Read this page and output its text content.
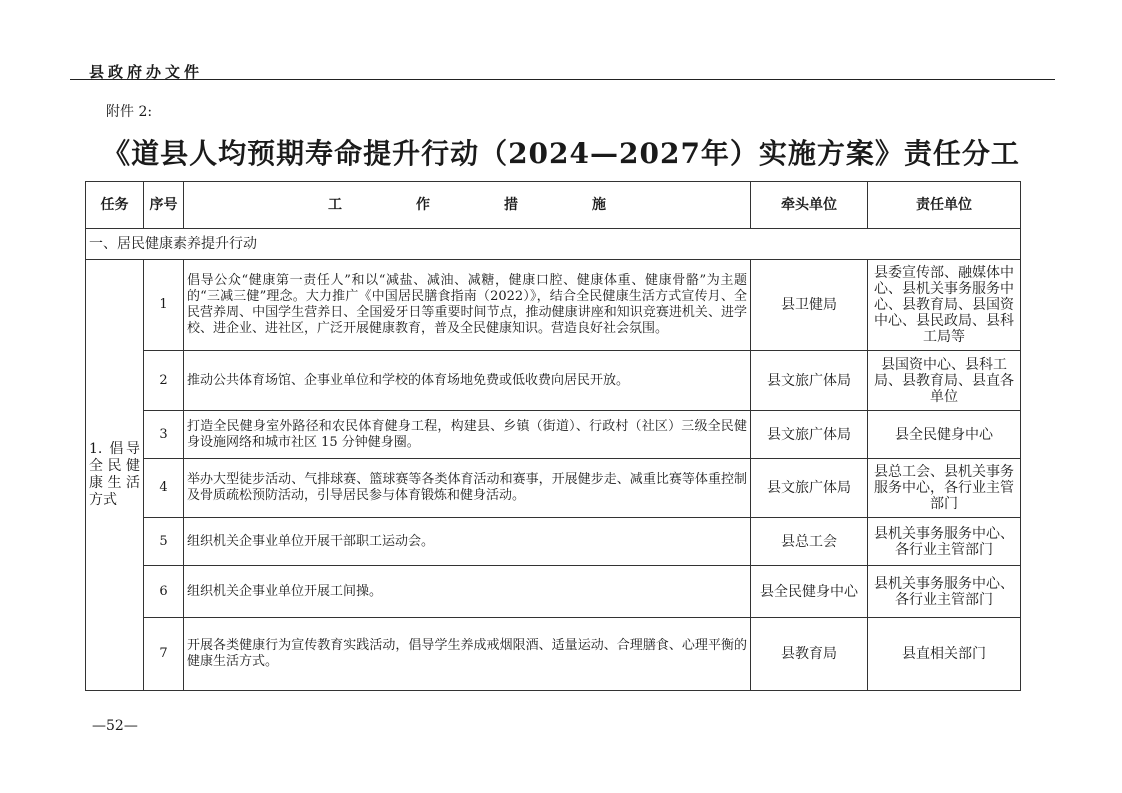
县政府办文件
附件 2:
《道县人均预期寿命提升行动（2024—2027年）实施方案》责任分工
任务	序号	工　作　措　施	牵头单位	责任单位
一、居民健康素养提升行动				
1. 倡导全民健康生活方式	1	倡导公众“健康第一责任人”和以“减盐、减油、减糖，健康口腔、健康体重、健康骨骼”为主题的“三减三健”理念。大力推广《中国居民膳食指南（2022）》，结合全民健康生活方式宣传月、全民营养周、中国学生营养日、全国爱牙日等重要时间节点，推动健康讲座和知识竞赛进机关、进学校、进企业、进社区，广泛开展健康教育，普及全民健康知识。营造良好社会氛围。	县卫健局	县委宣传部、融媒体中心、县机关事务服务中心、县教育局、县国资中心、县民政局、县科工局等
	2	推动公共体育场馆、企事业单位和学校的体育场地免费或低收费向居民开放。	县文旅广体局	县国资中心、县科工局、县教育局、县直各单位
	3	打造全民健身室外路径和农民体育健身工程，构建县、乡镇（街道）、行政村（社区）三级全民健身设施网络和城市社区 15 分钟健身圈。	县文旅广体局	县全民健身中心
	4	举办大型徒步活动、气排球赛、篮球赛等各类体育活动和赛事，开展健步走、减重比赛等体重控制及骨质疏松预防活动，引导居民参与体育锻炼和健身活动。	县文旅广体局	县总工会、县机关事务服务中心，各行业主管部门
	5	组织机关企事业单位开展干部职工运动会。	县总工会	县机关事务服务中心、各行业主管部门
	6	组织机关企事业单位开展工间操。	县全民健身中心	县机关事务服务中心、各行业主管部门
	7	开展各类健康行为宣传教育实践活动，倡导学生养成戒烟限酒、适量运动、合理膳食、心理平衡的健康生活方式。	县教育局	县直相关部门
—52—
